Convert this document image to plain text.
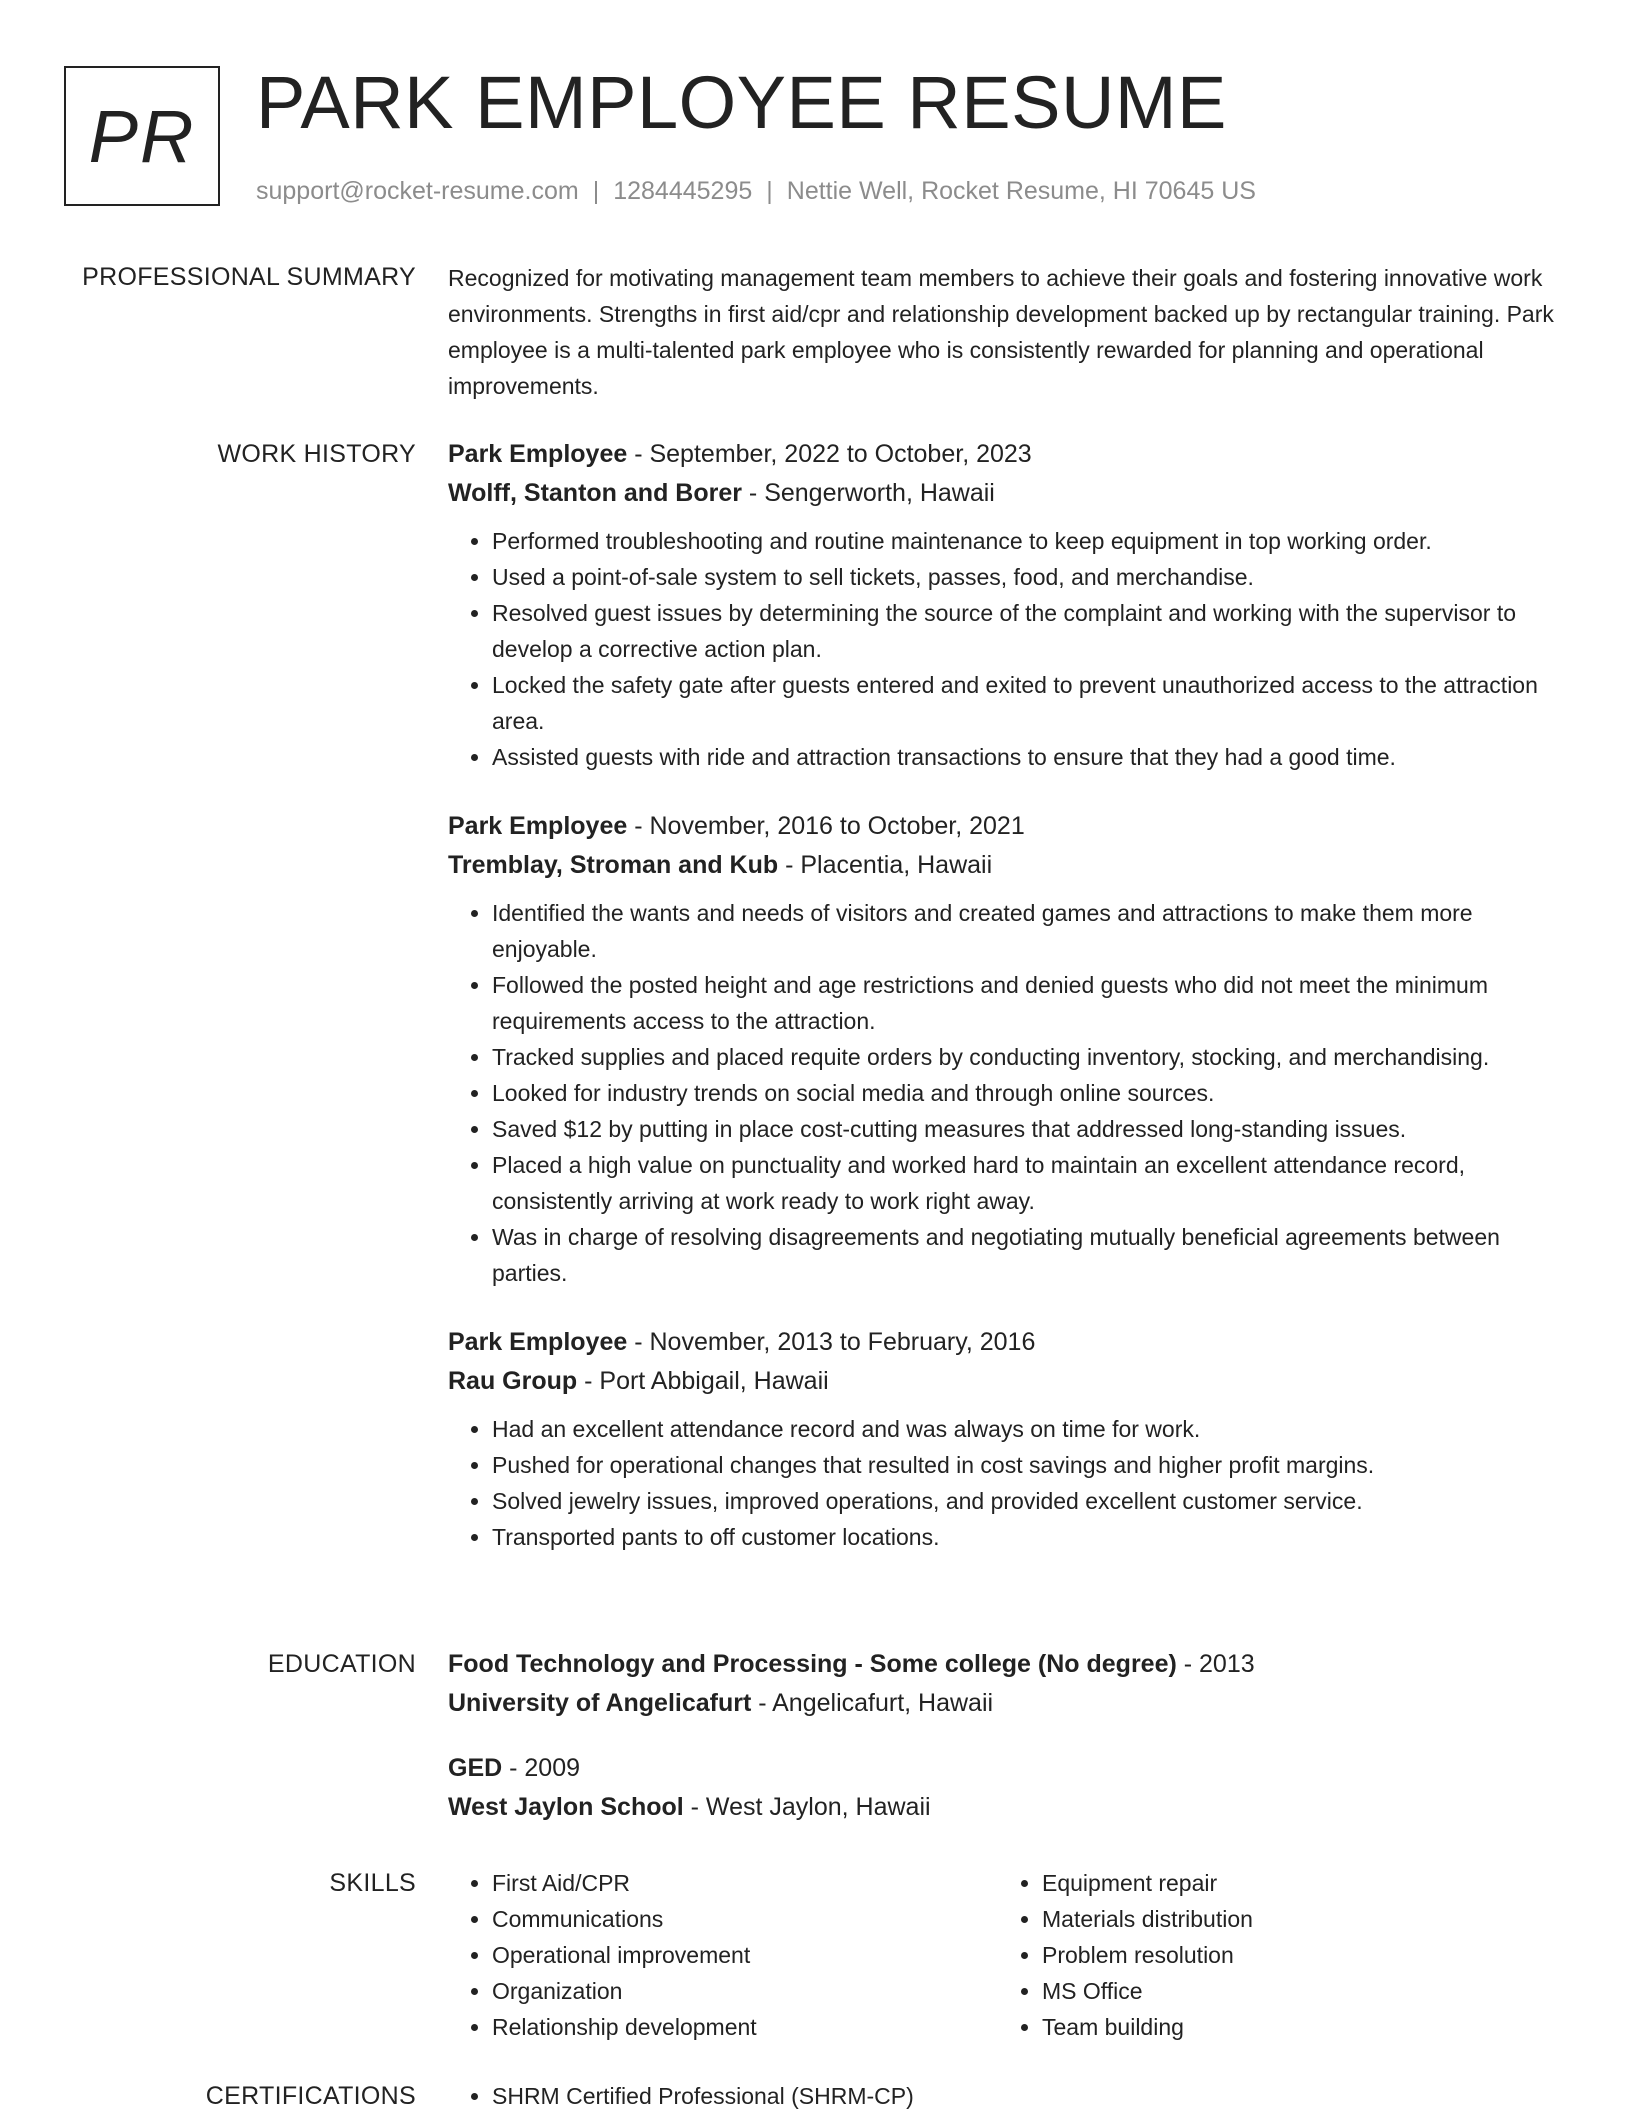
PR PARK EMPLOYEE RESUME
support@rocket-resume.com | 1284445295 | Nettie Well, Rocket Resume, HI 70645 US
PROFESSIONAL SUMMARY Recognized for motivating management team members to achieve their goals and fostering innovative work environments. Strengths in first aid/cpr and relationship development backed up by rectangular training. Park employee is a multi-talented park employee who is consistently rewarded for planning and operational improvements.

WORK HISTORY Park Employee - September, 2022 to October, 2023
Wolff, Stanton and Borer - Sengerworth, Hawaii
• Performed troubleshooting and routine maintenance to keep equipment in top working order.
• Used a point-of-sale system to sell tickets, passes, food, and merchandise.
• Resolved guest issues by determining the source of the complaint and working with the supervisor to develop a corrective action plan.
• Locked the safety gate after guests entered and exited to prevent unauthorized access to the attraction area.
• Assisted guests with ride and attraction transactions to ensure that they had a good time.
Park Employee - November, 2016 to October, 2021
Tremblay, Stroman and Kub - Placentia, Hawaii
• Identified the wants and needs of visitors and created games and attractions to make them more enjoyable.
• Followed the posted height and age restrictions and denied guests who did not meet the minimum requirements access to the attraction.
• Tracked supplies and placed requite orders by conducting inventory, stocking, and merchandising.
• Looked for industry trends on social media and through online sources.
• Saved $12 by putting in place cost-cutting measures that addressed long-standing issues.
• Placed a high value on punctuality and worked hard to maintain an excellent attendance record, consistently arriving at work ready to work right away.
• Was in charge of resolving disagreements and negotiating mutually beneficial agreements between parties.
Park Employee - November, 2013 to February, 2016
Rau Group - Port Abbigail, Hawaii
• Had an excellent attendance record and was always on time for work.
• Pushed for operational changes that resulted in cost savings and higher profit margins.
• Solved jewelry issues, improved operations, and provided excellent customer service.
• Transported pants to off customer locations.
EDUCATION Food Technology and Processing - Some college (No degree) - 2013
University of Angelicafurt - Angelicafurt, Hawaii
GED - 2009
West Jaylon School - West Jaylon, Hawaii
SKILLS	• First Aid/CPR
• Communications
• Operational improvement
• Organization
• Relationship development
• Equipment repair
• Materials distribution
• Problem resolution
• MS Office
• Team building
CERTIFICATIONS	• SHRM Certified Professional (SHRM-CP)
